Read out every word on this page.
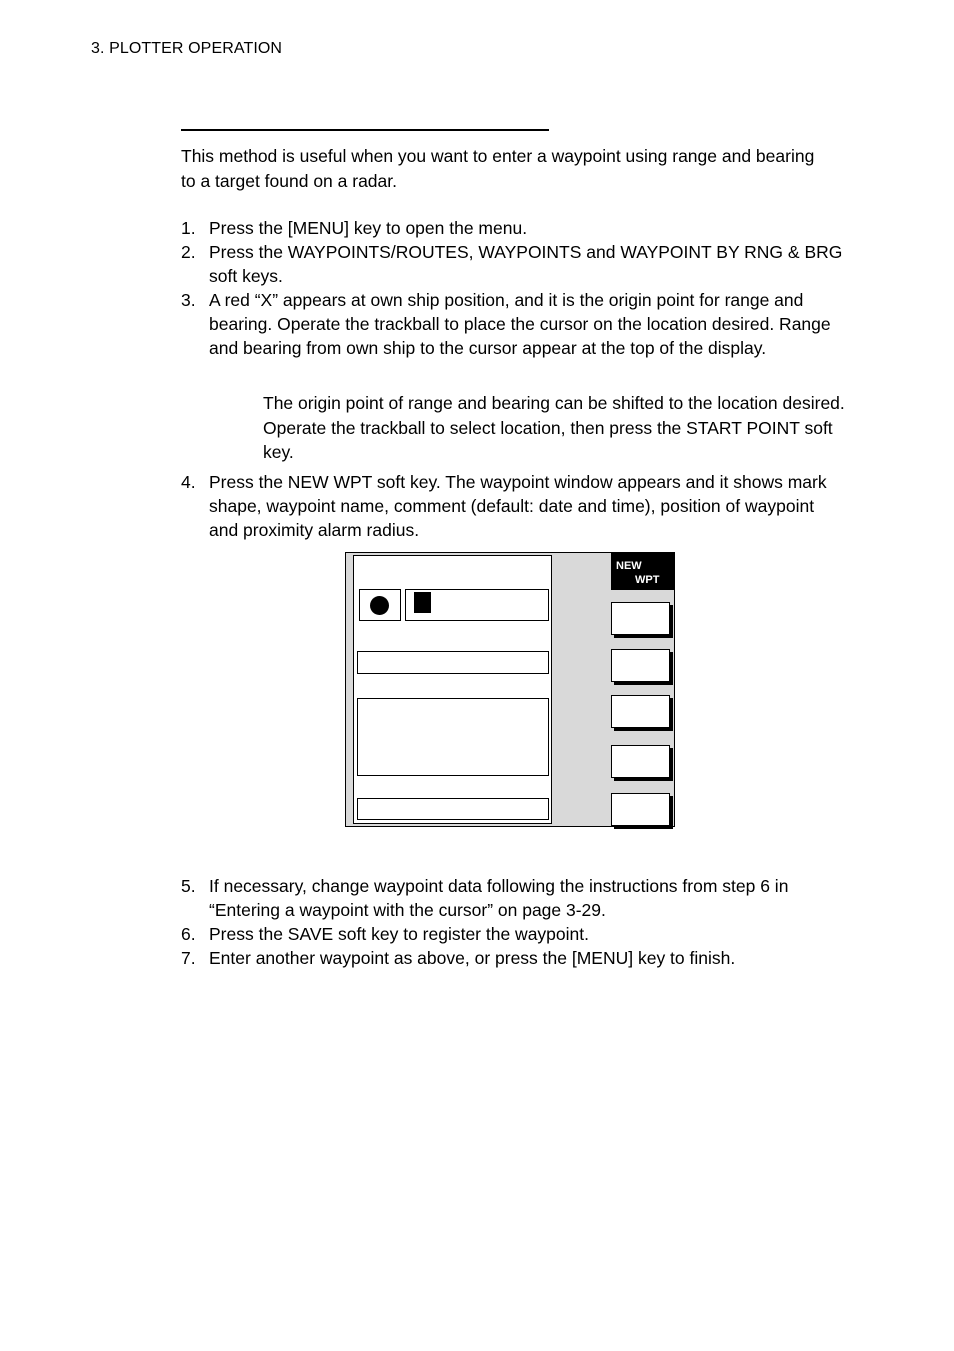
3. PLOTTER OPERATION
This method is useful when you want to enter a waypoint using range and bearing to a target found on a radar.
1. Press the [MENU] key to open the menu.
2. Press the WAYPOINTS/ROUTES, WAYPOINTS and WAYPOINT BY RNG & BRG soft keys.
3. A red “X” appears at own ship position, and it is the origin point for range and bearing. Operate the trackball to place the cursor on the location desired. Range and bearing from own ship to the cursor appear at the top of the display.
The origin point of range and bearing can be shifted to the location desired. Operate the trackball to select location, then press the START POINT soft key.
4. Press the NEW WPT soft key. The waypoint window appears and it shows mark shape, waypoint name, comment (default: date and time), position of waypoint and proximity alarm radius.
NEW
WPT
5. If necessary, change waypoint data following the instructions from step 6 in “Entering a waypoint with the cursor” on page 3-29.
6. Press the SAVE soft key to register the waypoint.
7. Enter another waypoint as above, or press the [MENU] key to finish.
